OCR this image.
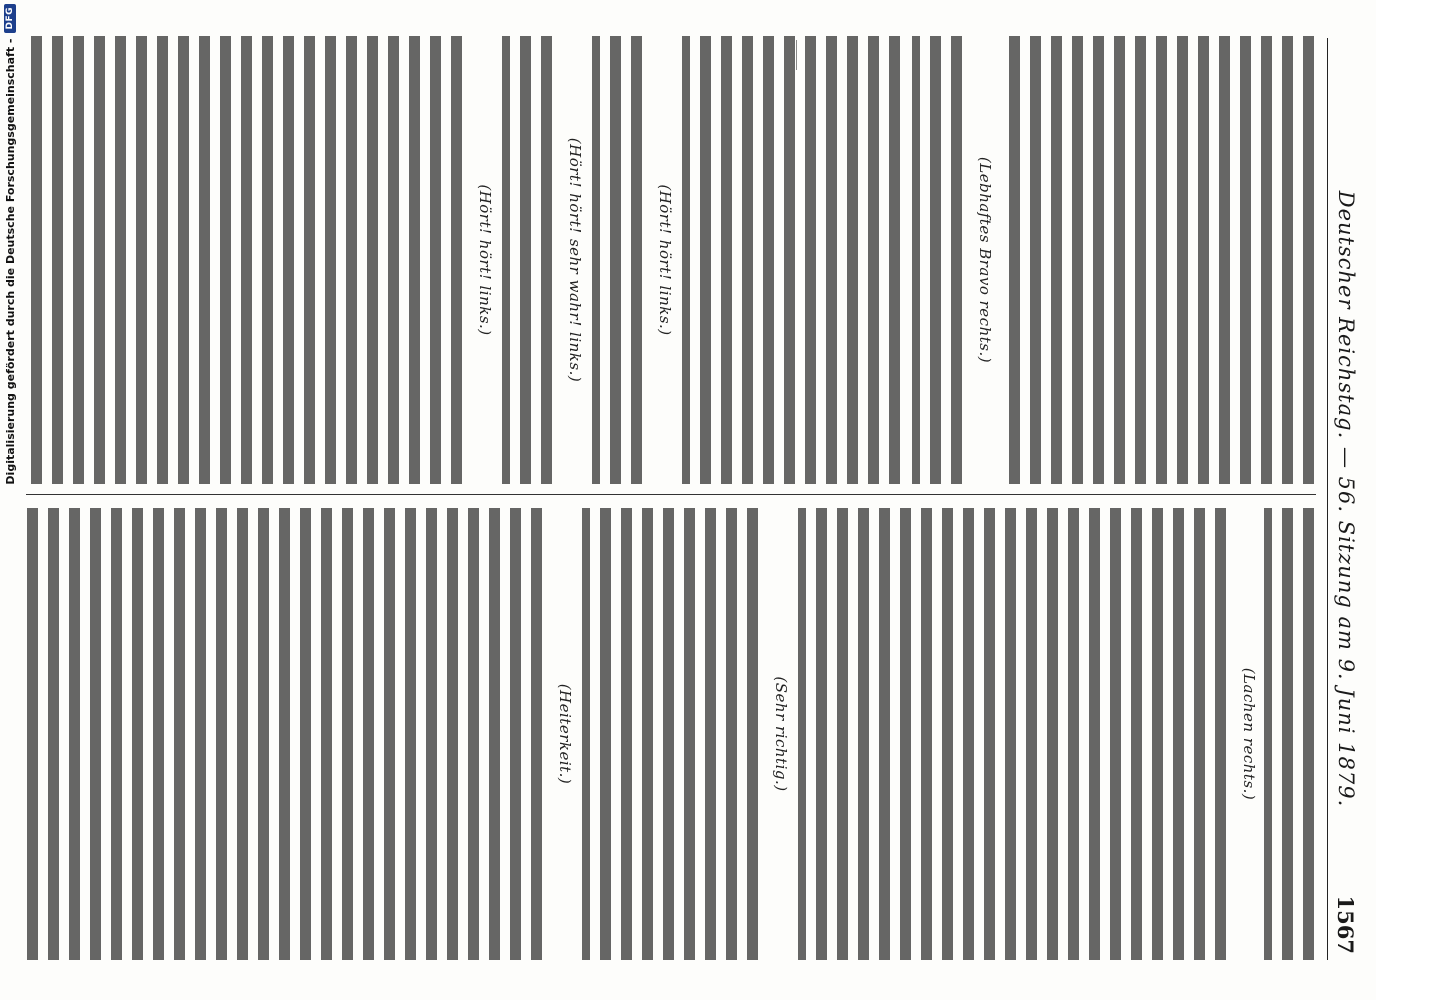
Deutscher Reichstag. — 56. Sitzung am 9. Juni 1879.
1567
(Lebhaftes Bravo rechts.)
(Hört! hört! links.)
(Hört! hört! sehr wahr! links.)
(Hört! hört! links.)
(Lachen rechts.)
(Sehr richtig.)
(Heiterkeit.)
Digitalisierung gefördert durch die Deutsche Forschungsgemeinschaft -
DFG
